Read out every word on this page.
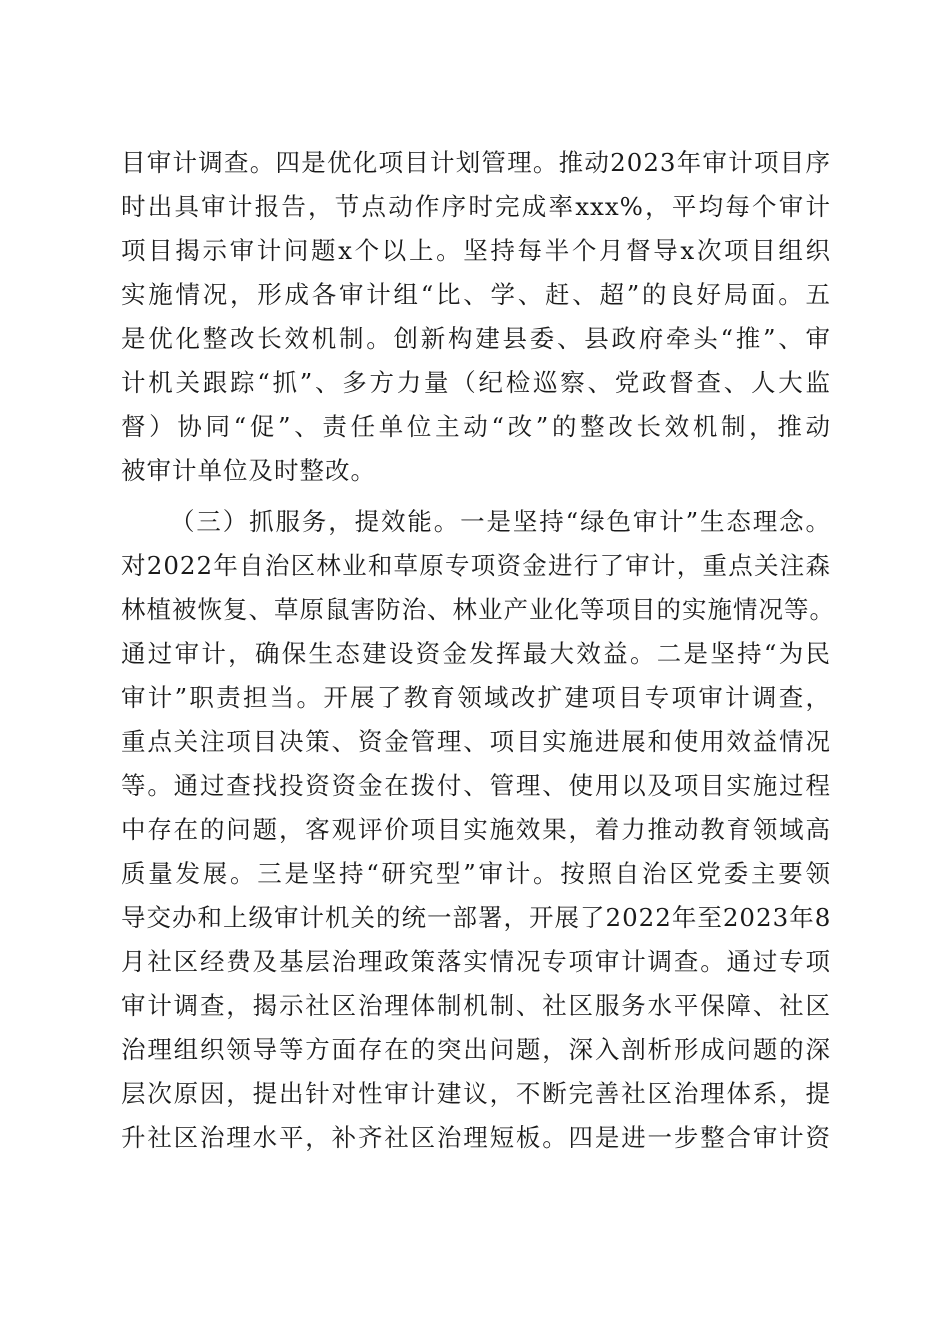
目审计调查。四是优化项目计划管理。推动2023年审计项目序
时出具审计报告，节点动作序时完成率xxx%，平均每个审计
项目揭示审计问题x个以上。坚持每半个月督导x次项目组织
实施情况，形成各审计组“比、学、赶、超”的良好局面。五
是优化整改长效机制。创新构建县委、县政府牵头“推”、审
计机关跟踪“抓”、多方力量（纪检巡察、党政督查、人大监
督）协同“促”、责任单位主动“改”的整改长效机制，推动
被审计单位及时整改。
（三）抓服务，提效能。一是坚持“绿色审计”生态理念。
对2022年自治区林业和草原专项资金进行了审计，重点关注森
林植被恢复、草原鼠害防治、林业产业化等项目的实施情况等。
通过审计，确保生态建设资金发挥最大效益。二是坚持“为民
审计”职责担当。开展了教育领域改扩建项目专项审计调查，
重点关注项目决策、资金管理、项目实施进展和使用效益情况
等。通过查找投资资金在拨付、管理、使用以及项目实施过程
中存在的问题，客观评价项目实施效果，着力推动教育领域高
质量发展。三是坚持“研究型”审计。按照自治区党委主要领
导交办和上级审计机关的统一部署，开展了2022年至2023年8
月社区经费及基层治理政策落实情况专项审计调查。通过专项
审计调查，揭示社区治理体制机制、社区服务水平保障、社区
治理组织领导等方面存在的突出问题，深入剖析形成问题的深
层次原因，提出针对性审计建议，不断完善社区治理体系，提
升社区治理水平，补齐社区治理短板。四是进一步整合审计资
